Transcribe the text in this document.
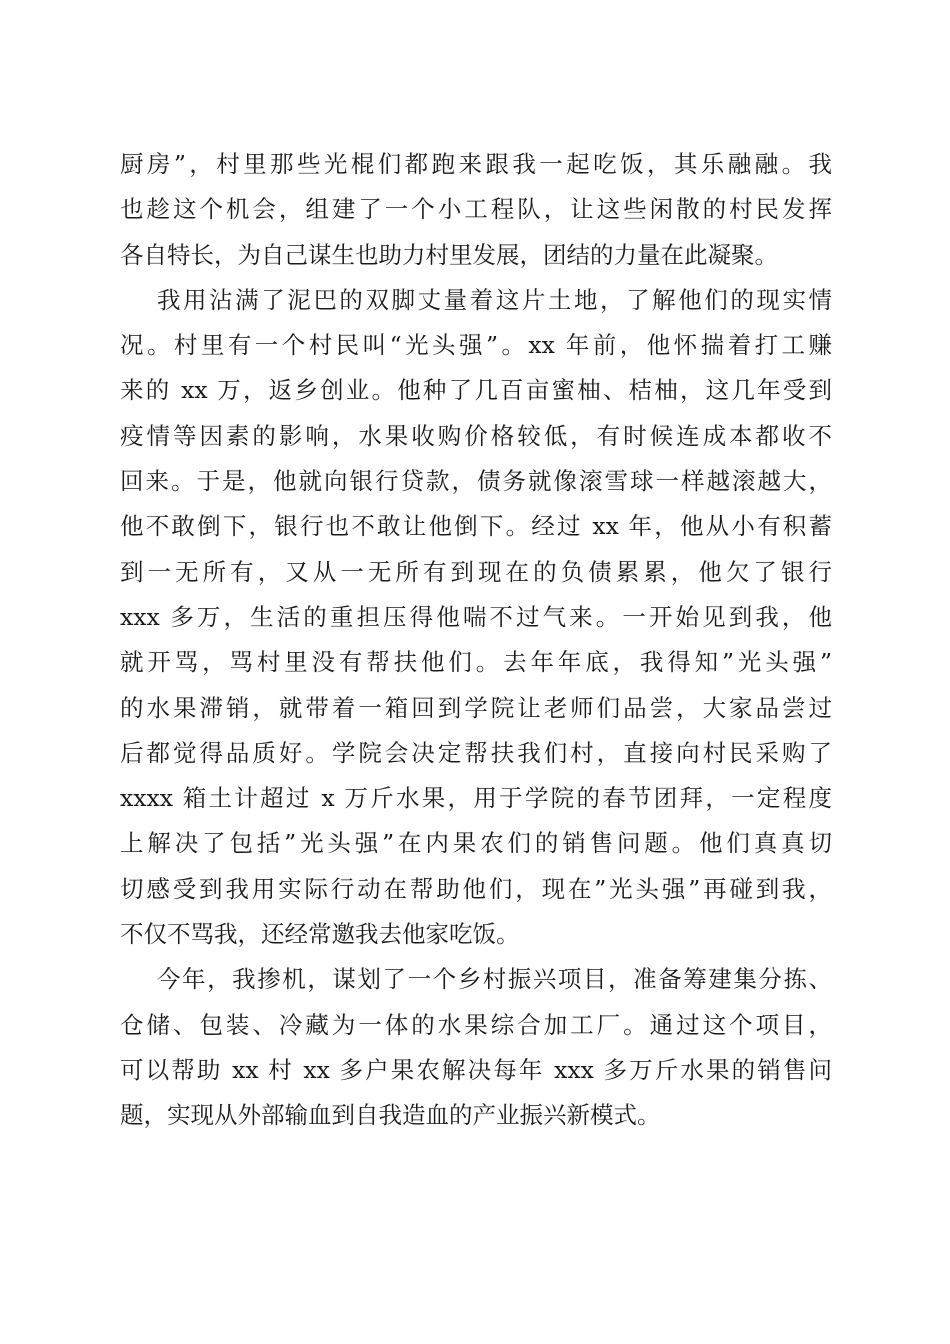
厨房”，村里那些光棍们都跑来跟我一起吃饭，其乐融融。我
也趁这个机会，组建了一个小工程队，让这些闲散的村民发挥
各自特长，为自己谋生也助力村里发展，团结的力量在此凝聚。
我用沾满了泥巴的双脚丈量着这片土地，了解他们的现实情
况。村里有一个村民叫“光头强”。xx 年前，他怀揣着打工赚
来的 xx 万，返乡创业。他种了几百亩蜜柚、桔柚，这几年受到
疫情等因素的影响，水果收购价格较低，有时候连成本都收不
回来。于是，他就向银行贷款，债务就像滚雪球一样越滚越大，
他不敢倒下，银行也不敢让他倒下。经过 xx 年，他从小有积蓄
到一无所有，又从一无所有到现在的负债累累，他欠了银行
xxx 多万，生活的重担压得他喘不过气来。一开始见到我，他
就开骂，骂村里没有帮扶他们。去年年底，我得知”光头强”
的水果滞销，就带着一箱回到学院让老师们品尝，大家品尝过
后都觉得品质好。学院会决定帮扶我们村，直接向村民采购了
xxxx 箱土计超过 x 万斤水果，用于学院的春节团拜，一定程度
上解决了包括”光头强”在内果农们的销售问题。他们真真切
切感受到我用实际行动在帮助他们，现在”光头强”再碰到我，
不仅不骂我，还经常邀我去他家吃饭。
今年，我掺机，谋划了一个乡村振兴项目，准备筹建集分拣、
仓储、包装、冷藏为一体的水果综合加工厂。通过这个项目，
可以帮助 xx 村 xx 多户果农解决每年 xxx 多万斤水果的销售问
题，实现从外部输血到自我造血的产业振兴新模式。
